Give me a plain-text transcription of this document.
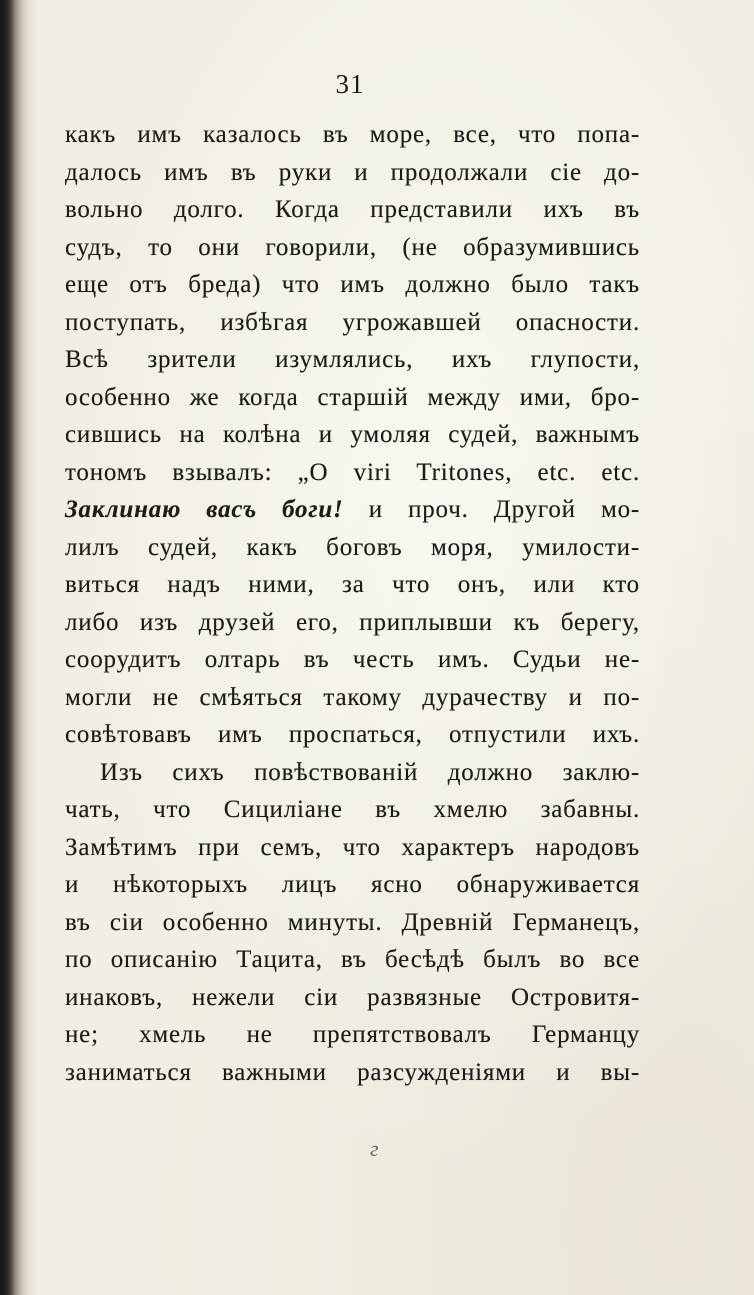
31
какъ имъ казалось въ море, все, что попа-
далось имъ въ руки и продолжали сіе до-
вольно долго. Когда представили ихъ въ
судъ, то они говорили, (не образумившись
еще отъ бреда) что имъ должно было такъ
поступать, избѣгая угрожавшей опасности.
Всѣ зрители изумлялись, ихъ глупости,
особенно же когда старшій между ими, бро-
сившись на колѣна и умоляя судей, важнымъ
тономъ взывалъ: „O viri Tritones, etc. etc.
Заклинаю васъ боги! и проч. Другой мо-
лилъ судей, какъ боговъ моря, умилости-
виться надъ ними, за что онъ, или кто
либо изъ друзей его, приплывши къ берегу,
соорудитъ олтарь въ честь имъ. Судьи не-
могли не смѣяться такому дурачеству и по-
совѣтовавъ имъ проспаться, отпустили ихъ.
Изъ сихъ повѣствованій должно заклю-
чать, что Сициліане въ хмелю забавны.
Замѣтимъ при семъ, что характеръ народовъ
и нѣкоторыхъ лицъ ясно обнаруживается
въ сіи особенно минуты. Древній Германецъ,
по описанію Тацита, въ бесѣдѣ былъ во все
инаковъ, нежели сіи развязные Островитя-
не; хмель не препятствовалъ Германцу
заниматься важными разсужденіями и вы-
г
